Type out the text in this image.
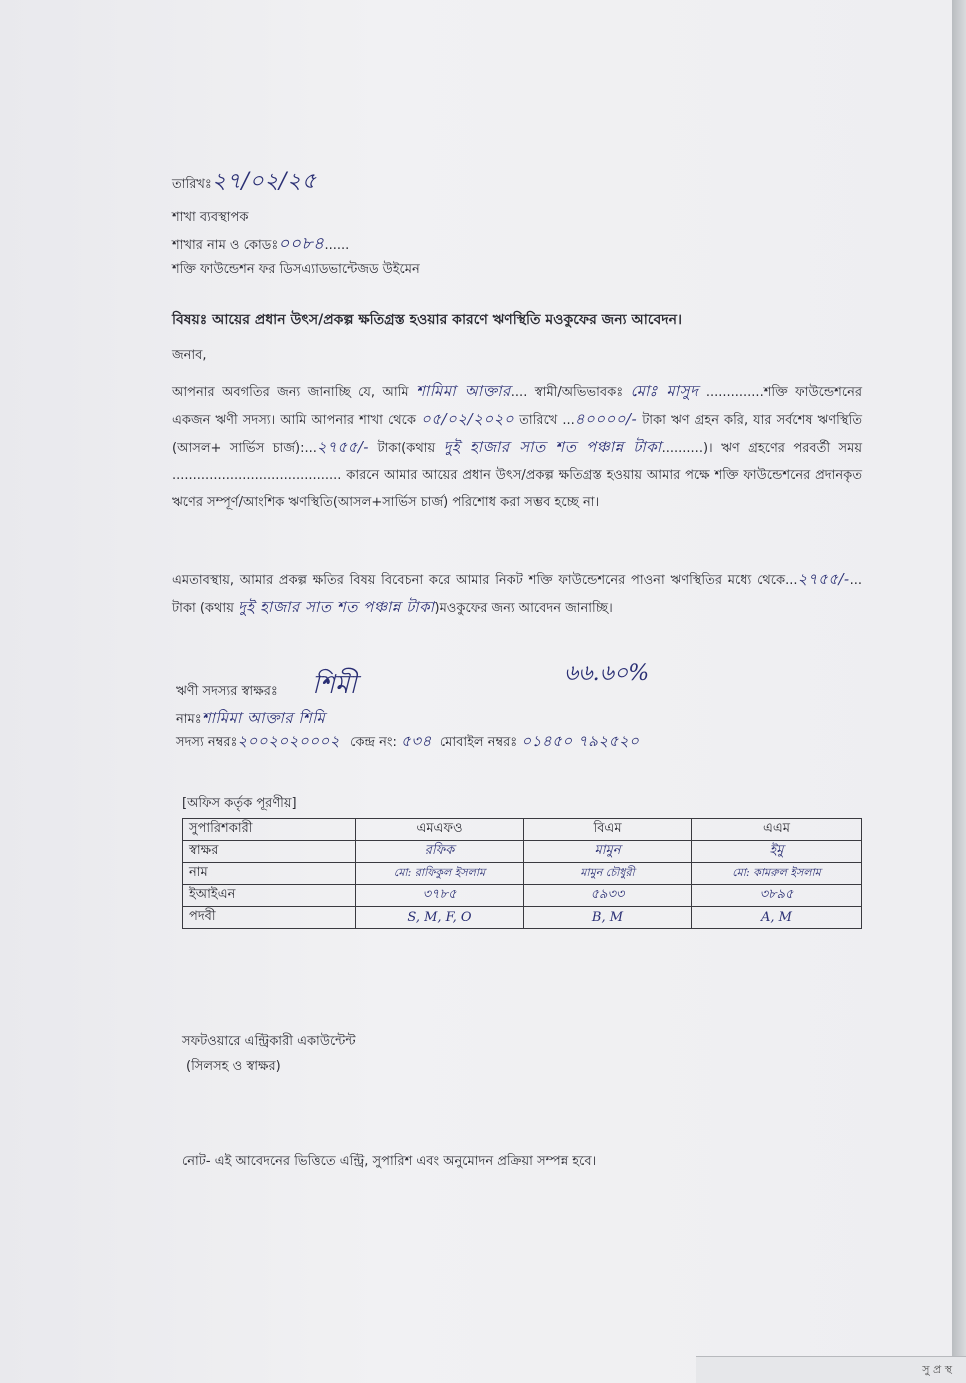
তারিখঃ২৭/০২/২৫
শাখা ব্যবস্থাপক
শাখার নাম ও কোডঃ০০৮৪......
শক্তি ফাউন্ডেশন ফর ডিসএ্যাডভান্টেজড উইমেন
বিষয়ঃ আয়ের প্রধান উৎস/প্রকল্প ক্ষতিগ্রস্ত হওয়ার কারণে ঋণস্থিতি মওকুফের জন্য আবেদন।
জনাব,
আপনার অবগতির জন্য জানাচ্ছি যে, আমি শামিমা আক্তার.... স্বামী/অভিভাবকঃ মোঃ মাসুদ ..............শক্তি ফাউন্ডেশনের একজন ঋণী সদস্য। আমি আপনার শাখা থেকে ০৫/০২/২০২০ তারিখে ...৪০০০০/- টাকা ঋণ গ্রহন করি, যার সর্বশেষ ঋণস্থিতি (আসল+ সার্ভিস চার্জ):...২৭৫৫/- টাকা(কথায় দুই হাজার সাত শত পঞ্চান্ন টাকা..........)। ঋণ গ্রহণের পরবর্তী সময় ......................................... কারনে আমার আয়ের প্রধান উৎস/প্রকল্প ক্ষতিগ্রস্ত হওয়ায় আমার পক্ষে শক্তি ফাউন্ডেশনের প্রদানকৃত ঋণের সম্পূর্ণ/আংশিক ঋণস্থিতি(আসল+সার্ভিস চার্জ) পরিশোধ করা সম্ভব হচ্ছে না।
এমতাবস্থায়, আমার প্রকল্প ক্ষতির বিষয় বিবেচনা করে আমার নিকট শক্তি ফাউন্ডেশনের পাওনা ঋণস্থিতির মধ্যে থেকে...২৭৫৫/-... টাকা (কথায় দুই হাজার সাত শত পঞ্চান্ন টাকা)মওকুফের জন্য আবেদন জানাচ্ছি।
ঋণী সদস্যর স্বাক্ষরঃ শিমী	৬৬.৬০%
নামঃশামিমা আক্তার শিমি
সদস্য নম্বরঃ২০০২০২০০০২ কেন্দ্র নং: ৫৩৪ মোবাইল নম্বরঃ ০১৪৫০ ৭৯২৫২০
[অফিস কর্তৃক পূরণীয়]
সুপারিশকারী	এমএফও	বিএম	এএম
স্বাক্ষর	রফিক	মামুন	ইমু
নাম	মো: রাফিকুল ইসলাম	মামুন চৌধুরী	মো: কামরুল ইসলাম
ইআইএন	৩৭৮৫	৫৯৩৩	৩৮৯৫
পদবী	S, M, F, O	B, M	A, M
সফটওয়ারে এন্ট্রিকারী একাউন্টেন্ট
(সিলসহ ও স্বাক্ষর)
নোট- এই আবেদনের ভিত্তিতে এন্ট্রি, সুপারিশ এবং অনুমোদন প্রক্রিয়া সম্পন্ন হবে।
সু প্র স্থ
